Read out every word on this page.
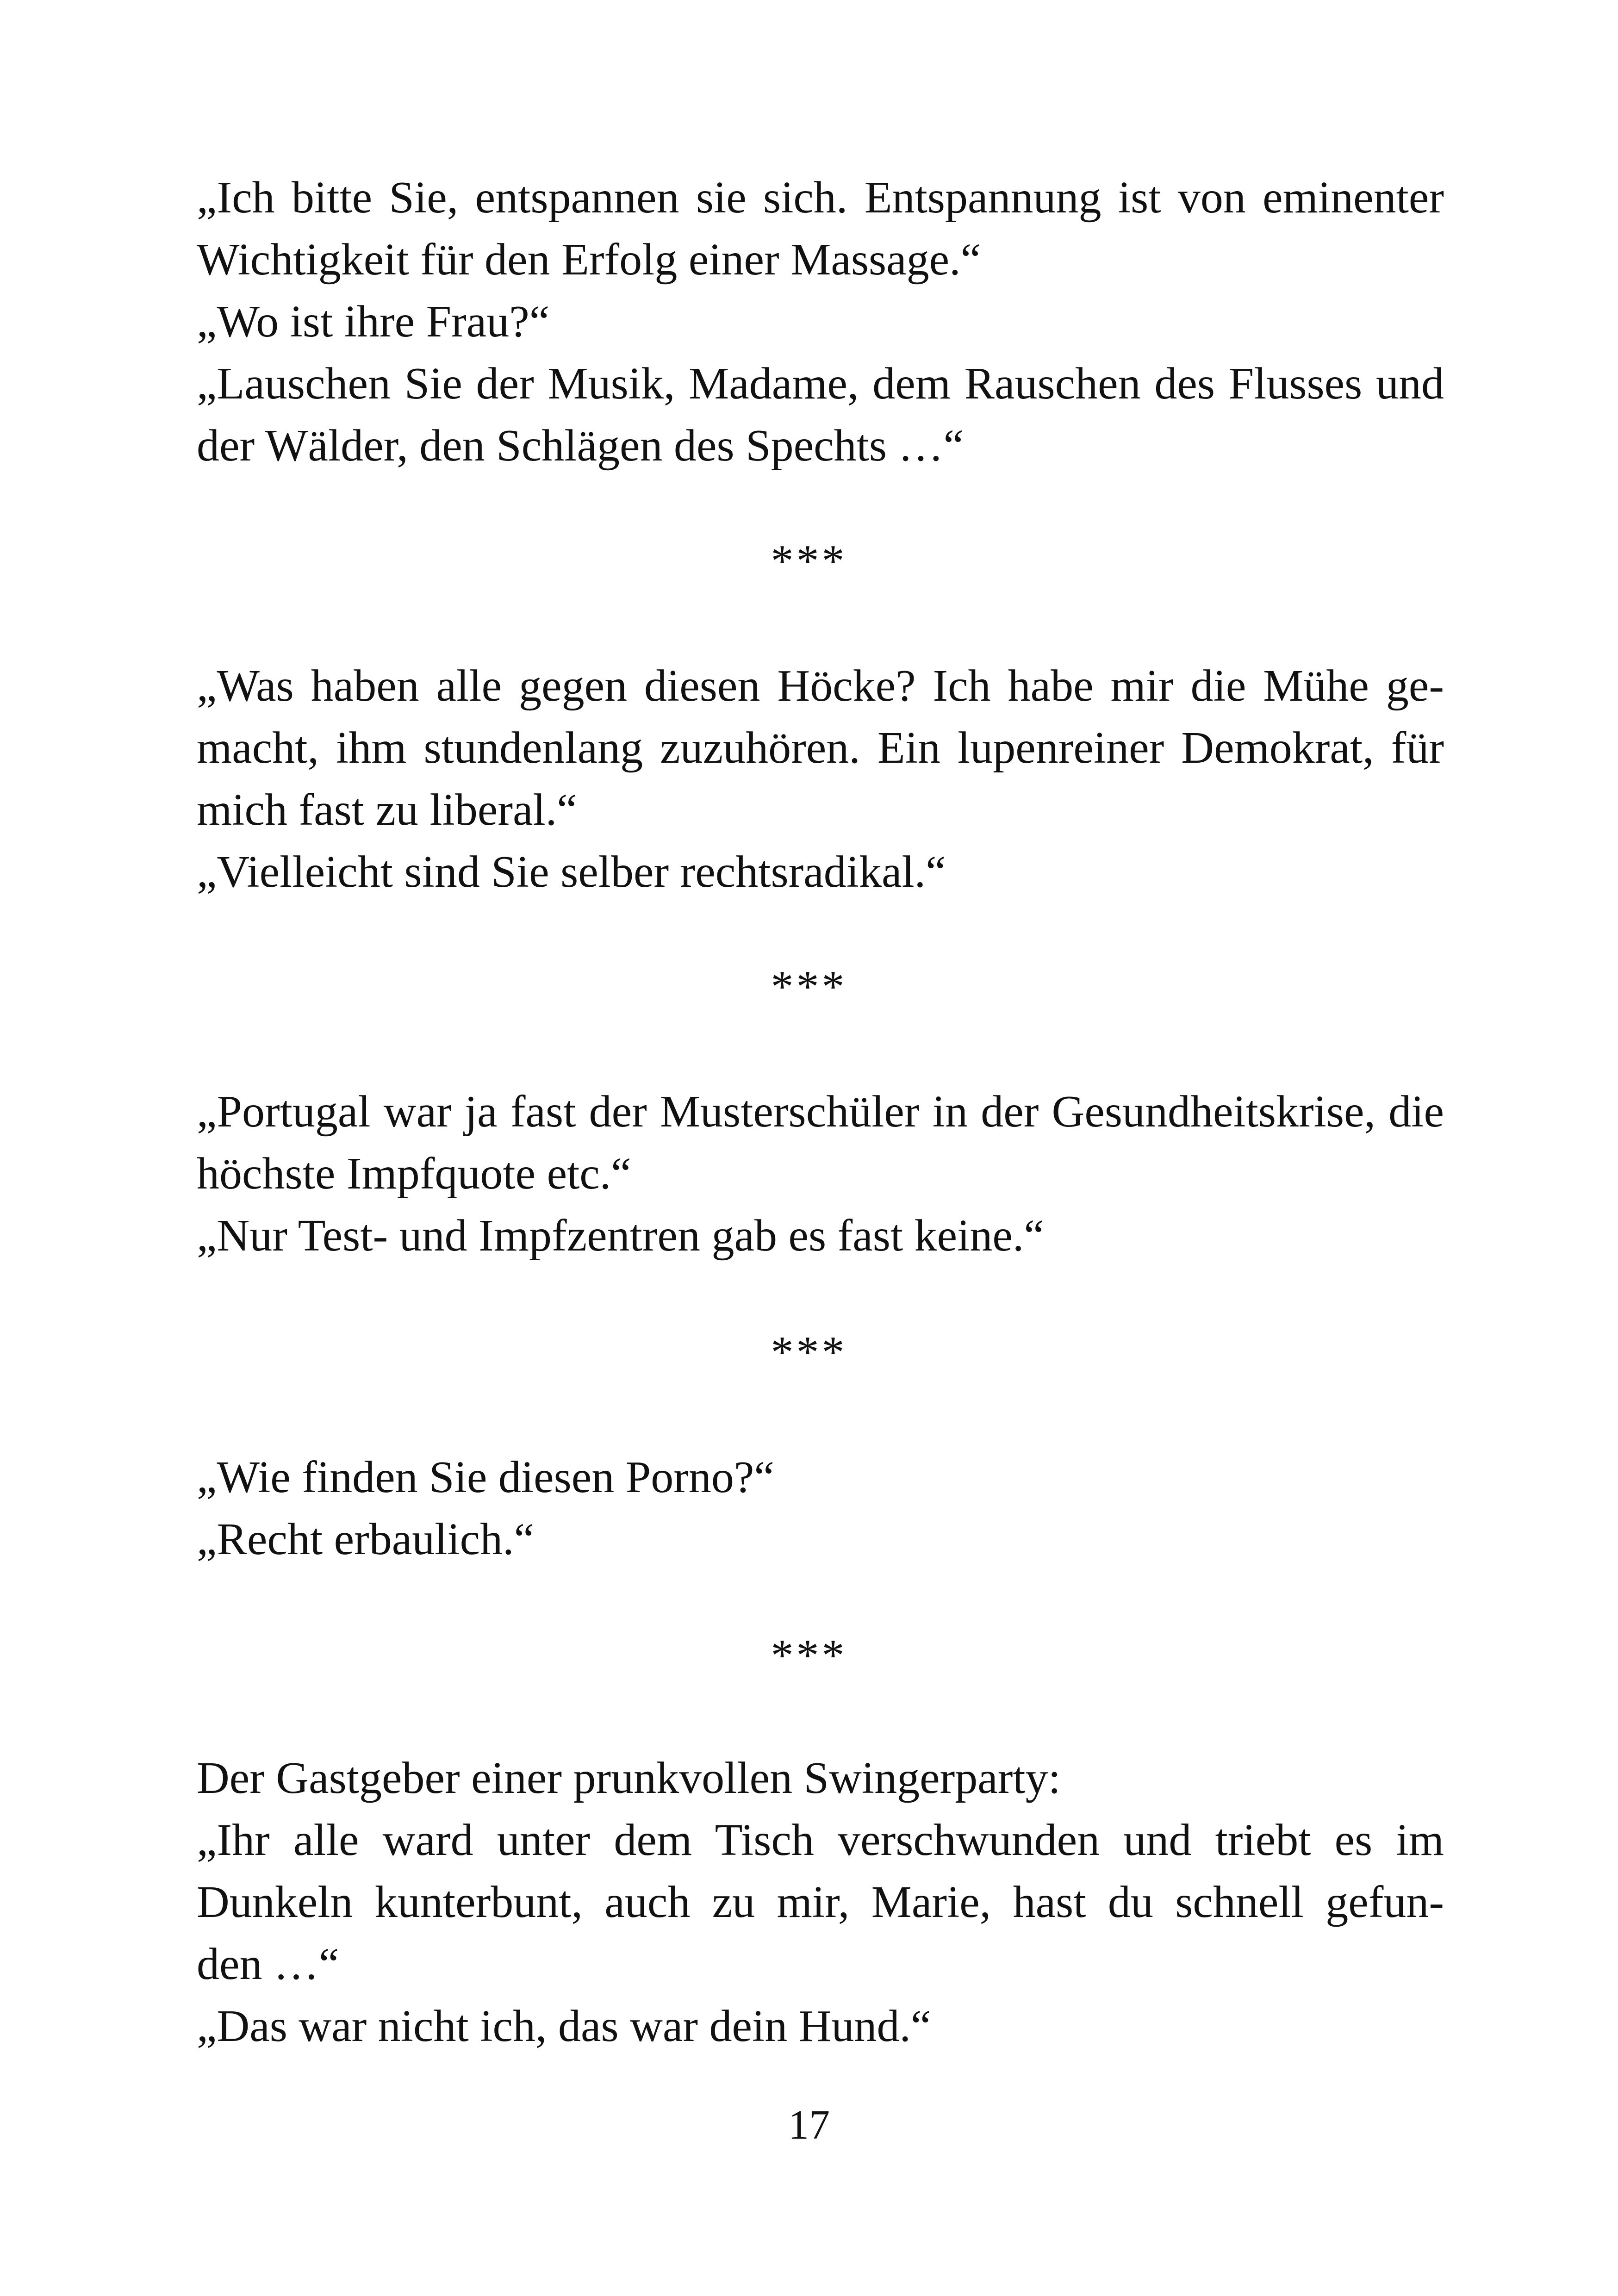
„Ich bitte Sie, entspannen sie sich. Entspannung ist von eminenter
Wichtigkeit für den Erfolg einer Massage.“
„Wo ist ihre Frau?“
„Lauschen Sie der Musik, Madame, dem Rauschen des Flusses und
der Wälder, den Schlägen des Spechts …“
***
„Was haben alle gegen diesen Höcke? Ich habe mir die Mühe ge-
macht, ihm stundenlang zuzuhören. Ein lupenreiner Demokrat, für
mich fast zu liberal.“
„Vielleicht sind Sie selber rechtsradikal.“
***
„Portugal war ja fast der Musterschüler in der Gesundheitskrise, die
höchste Impfquote etc.“
„Nur Test- und Impfzentren gab es fast keine.“
***
„Wie finden Sie diesen Porno?“
„Recht erbaulich.“
***
Der Gastgeber einer prunkvollen Swingerparty:
„Ihr alle ward unter dem Tisch verschwunden und triebt es im
Dunkeln kunterbunt, auch zu mir, Marie, hast du schnell gefun-
den …“
„Das war nicht ich, das war dein Hund.“
17
